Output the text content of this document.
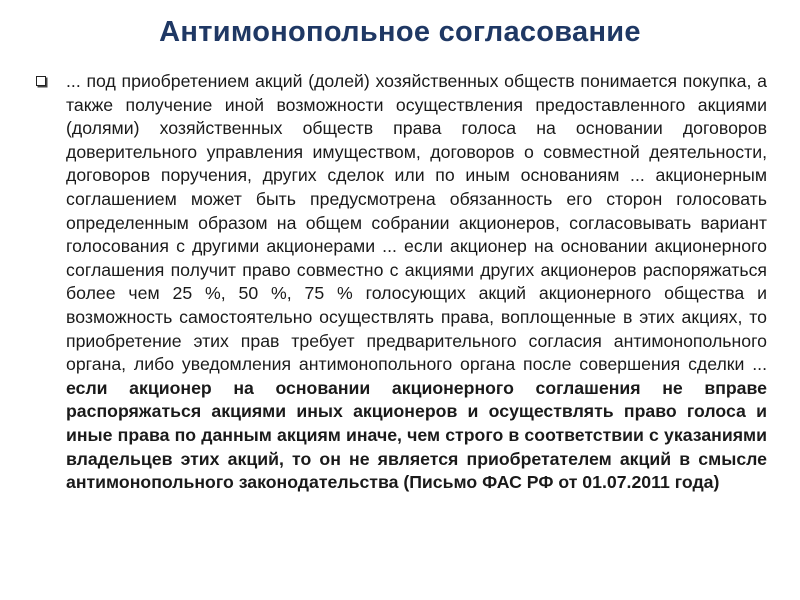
Антимонопольное согласование

... под приобретением акций (долей) хозяйственных обществ понимается покупка, а также получение иной возможности осуществления предоставленного акциями (долями) хозяйственных обществ права голоса на основании договоров доверительного управления имуществом, договоров о совместной деятельности, договоров поручения, других сделок или по иным основаниям ... акционерным соглашением может быть предусмотрена обязанность его сторон голосовать определенным образом на общем собрании акционеров, согласовывать вариант голосования с другими акционерами ... если акционер на основании акционерного соглашения получит право совместно с акциями других акционеров распоряжаться более чем 25 %, 50 %, 75 % голосующих акций акционерного общества и возможность самостоятельно осуществлять права, воплощенные в этих акциях, то приобретение этих прав требует предварительного согласия антимонопольного органа, либо уведомления антимонопольного органа после совершения сделки ... если акционер на основании акционерного соглашения не вправе распоряжаться акциями иных акционеров и осуществлять право голоса и иные права по данным акциям иначе, чем строго в соответствии с указаниями владельцев этих акций, то он не является приобретателем акций в смысле антимонопольного законодательства (Письмо ФАС РФ от 01.07.2011 года)
